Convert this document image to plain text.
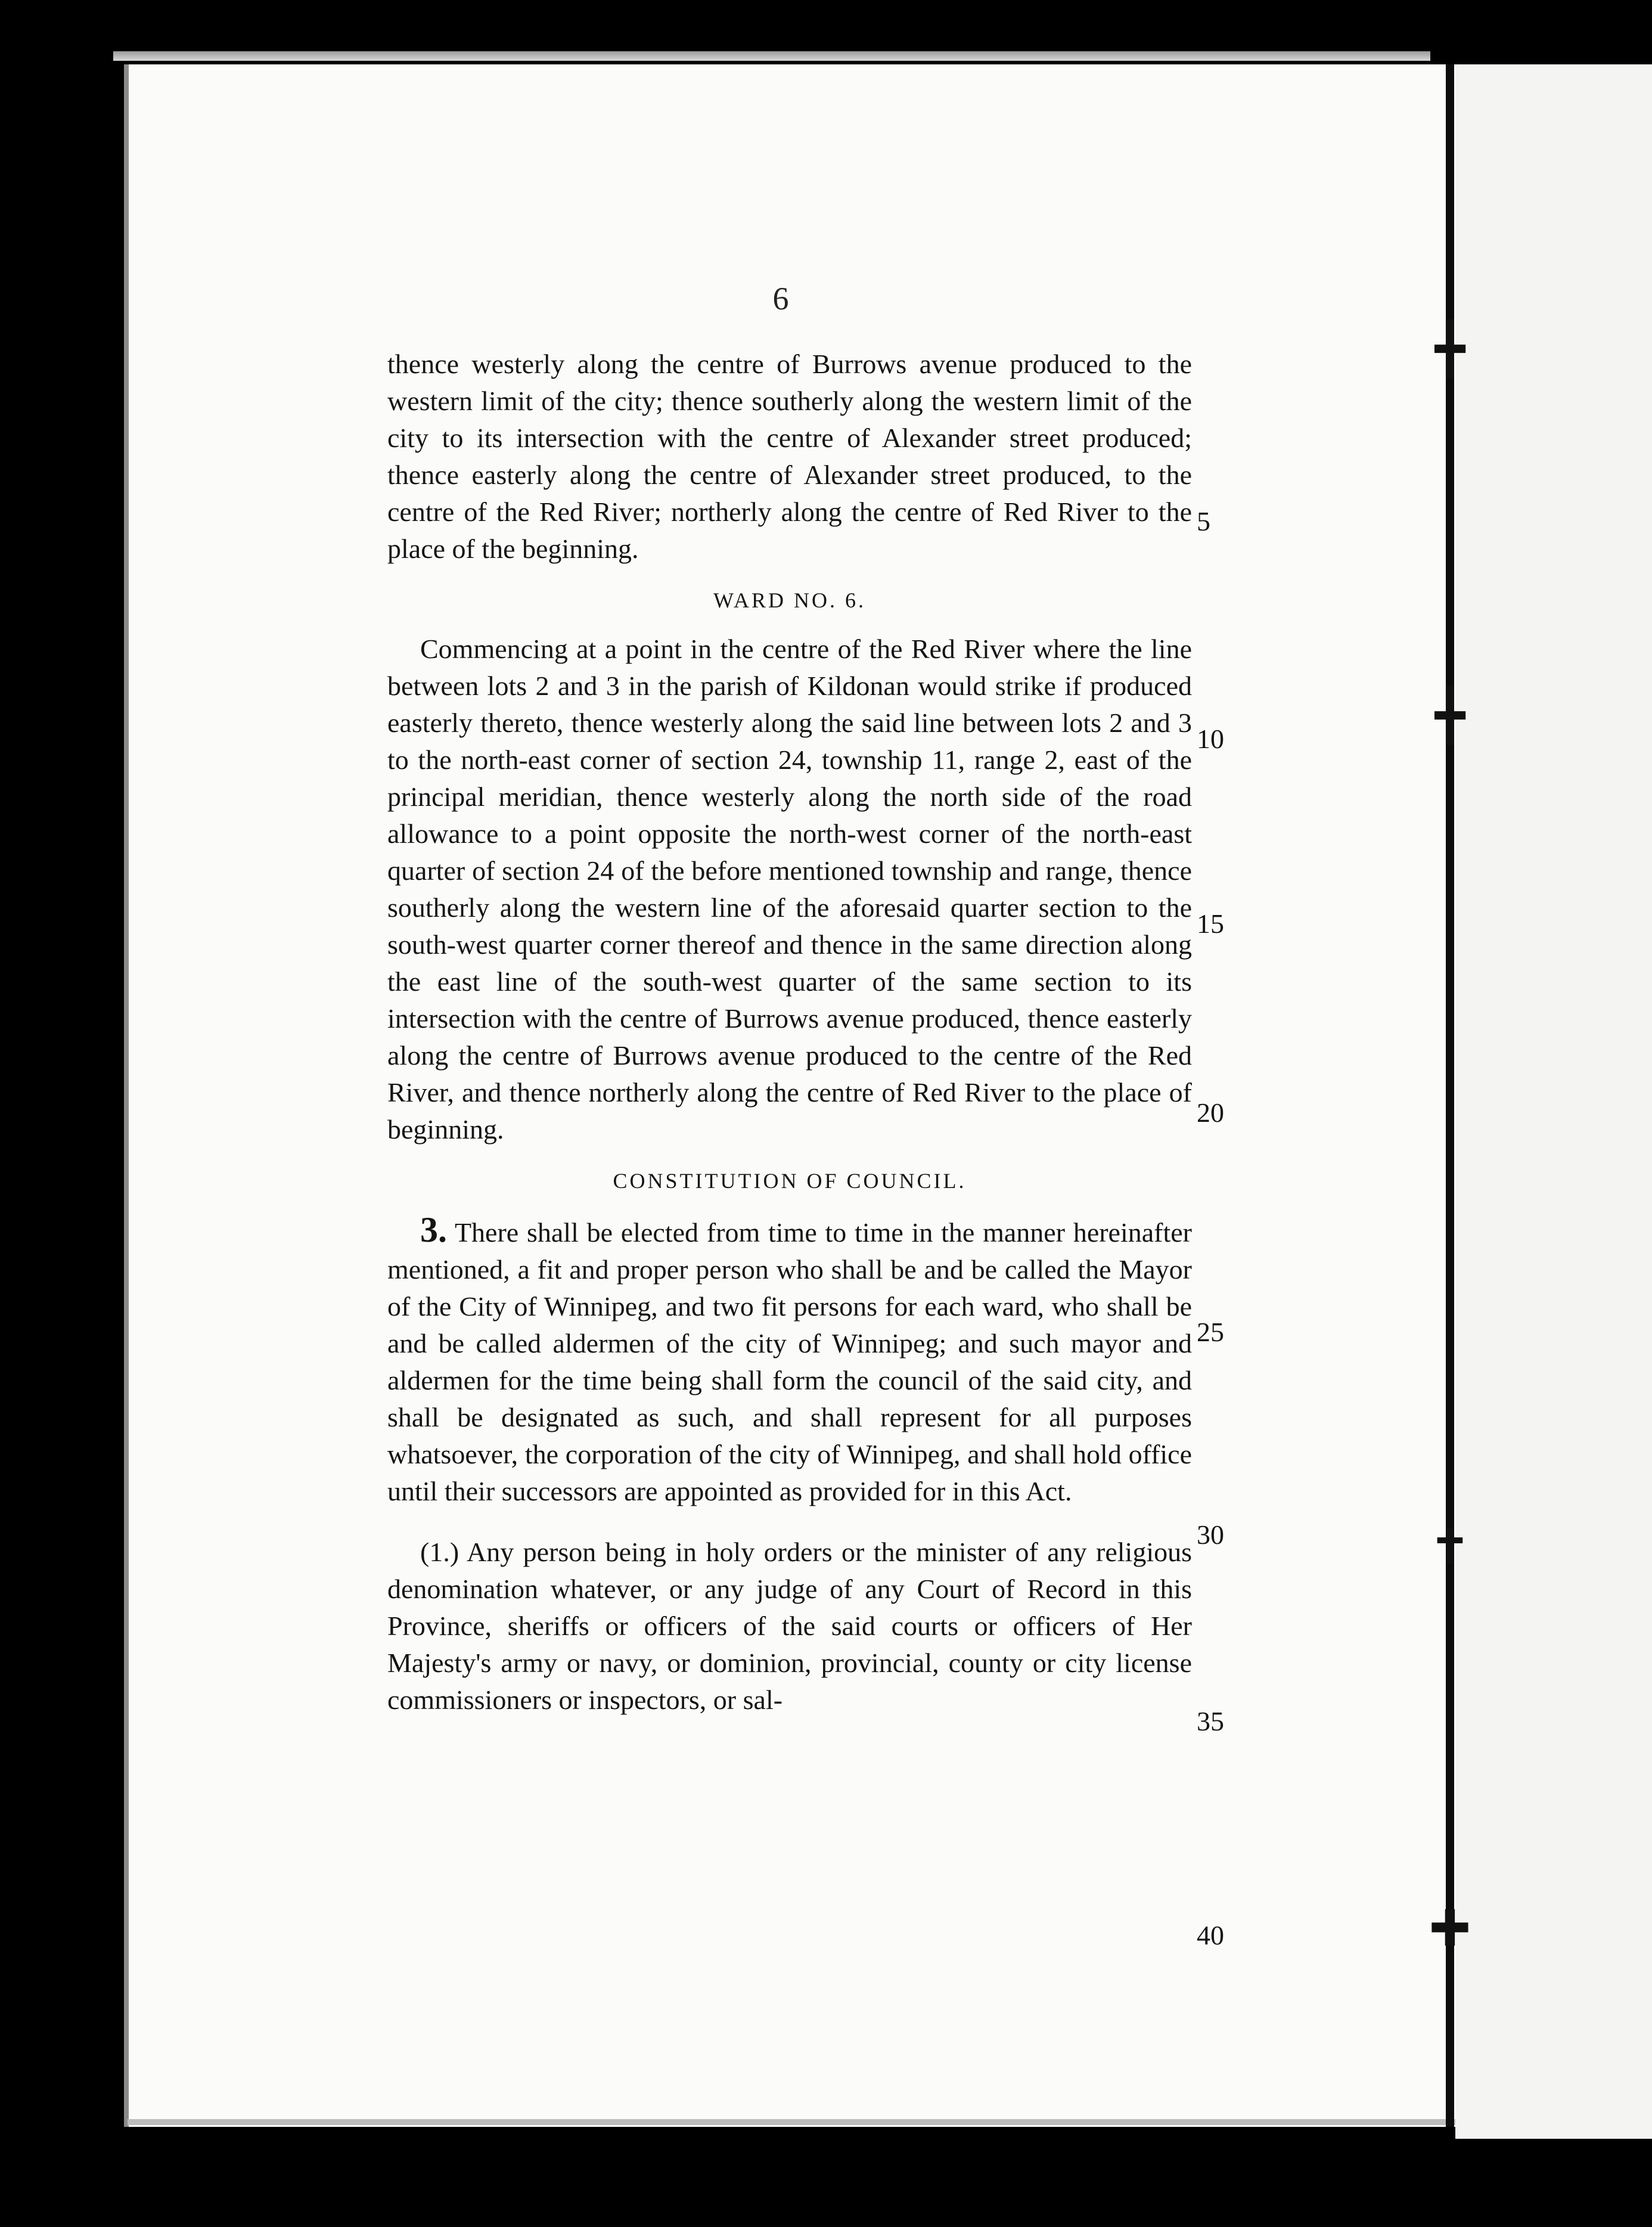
╋
╋
✝
✚
6

thence westerly along the centre of Burrows avenue produced to the western limit of the city; thence southerly along the western limit of the city to its intersection with the centre of Alexander street produced; thence easterly along the centre of Alexander street produced, to the centre of the Red River; northerly along the centre of Red River to the place of the beginning.

WARD NO. 6.

Commencing at a point in the centre of the Red River where the line between lots 2 and 3 in the parish of Kildonan would strike if produced easterly thereto, thence westerly along the said line between lots 2 and 3 to the north-east corner of section 24, township 11, range 2, east of the principal meridian, thence westerly along the north side of the road allowance to a point opposite the north-west corner of the north-east quarter of section 24 of the before mentioned township and range, thence southerly along the western line of the aforesaid quarter section to the south-west quarter corner thereof and thence in the same direction along the east line of the south-west quarter of the same section to its intersection with the centre of Burrows avenue produced, thence easterly along the centre of Burrows avenue produced to the centre of the Red River, and thence northerly along the centre of Red River to the place of beginning.

CONSTITUTION OF COUNCIL.

3. There shall be elected from time to time in the manner hereinafter mentioned, a fit and proper person who shall be and be called the Mayor of the City of Winnipeg, and two fit persons for each ward, who shall be and be called aldermen of the city of Winnipeg; and such mayor and aldermen for the time being shall form the council of the said city, and shall be designated as such, and shall represent for all purposes whatsoever, the corporation of the city of Winnipeg, and shall hold office until their successors are appointed as provided for in this Act.

(1.) Any person being in holy orders or the minister of any religious denomination whatever, or any judge of any Court of Record in this Province, sheriffs or officers of the said courts or officers of Her Majesty's army or navy, or dominion, provincial, county or city license commissioners or inspectors, or sal-

5
10
15
20
25
30
35
40
